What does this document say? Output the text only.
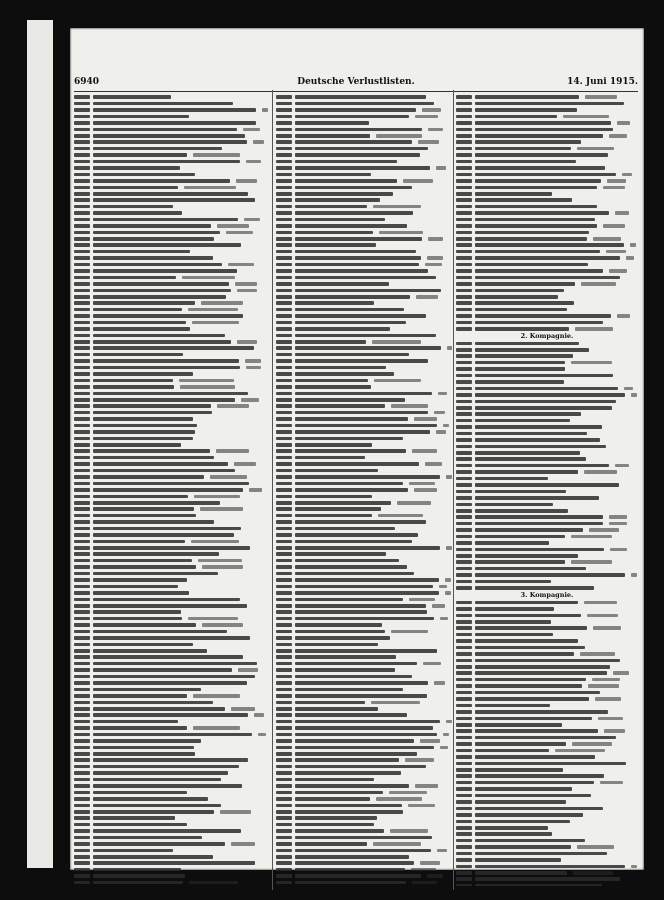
6940	Deutsche Verlustlisten.	14. Juni 1915.
2. Kompagnie.
3. Kompagnie.
